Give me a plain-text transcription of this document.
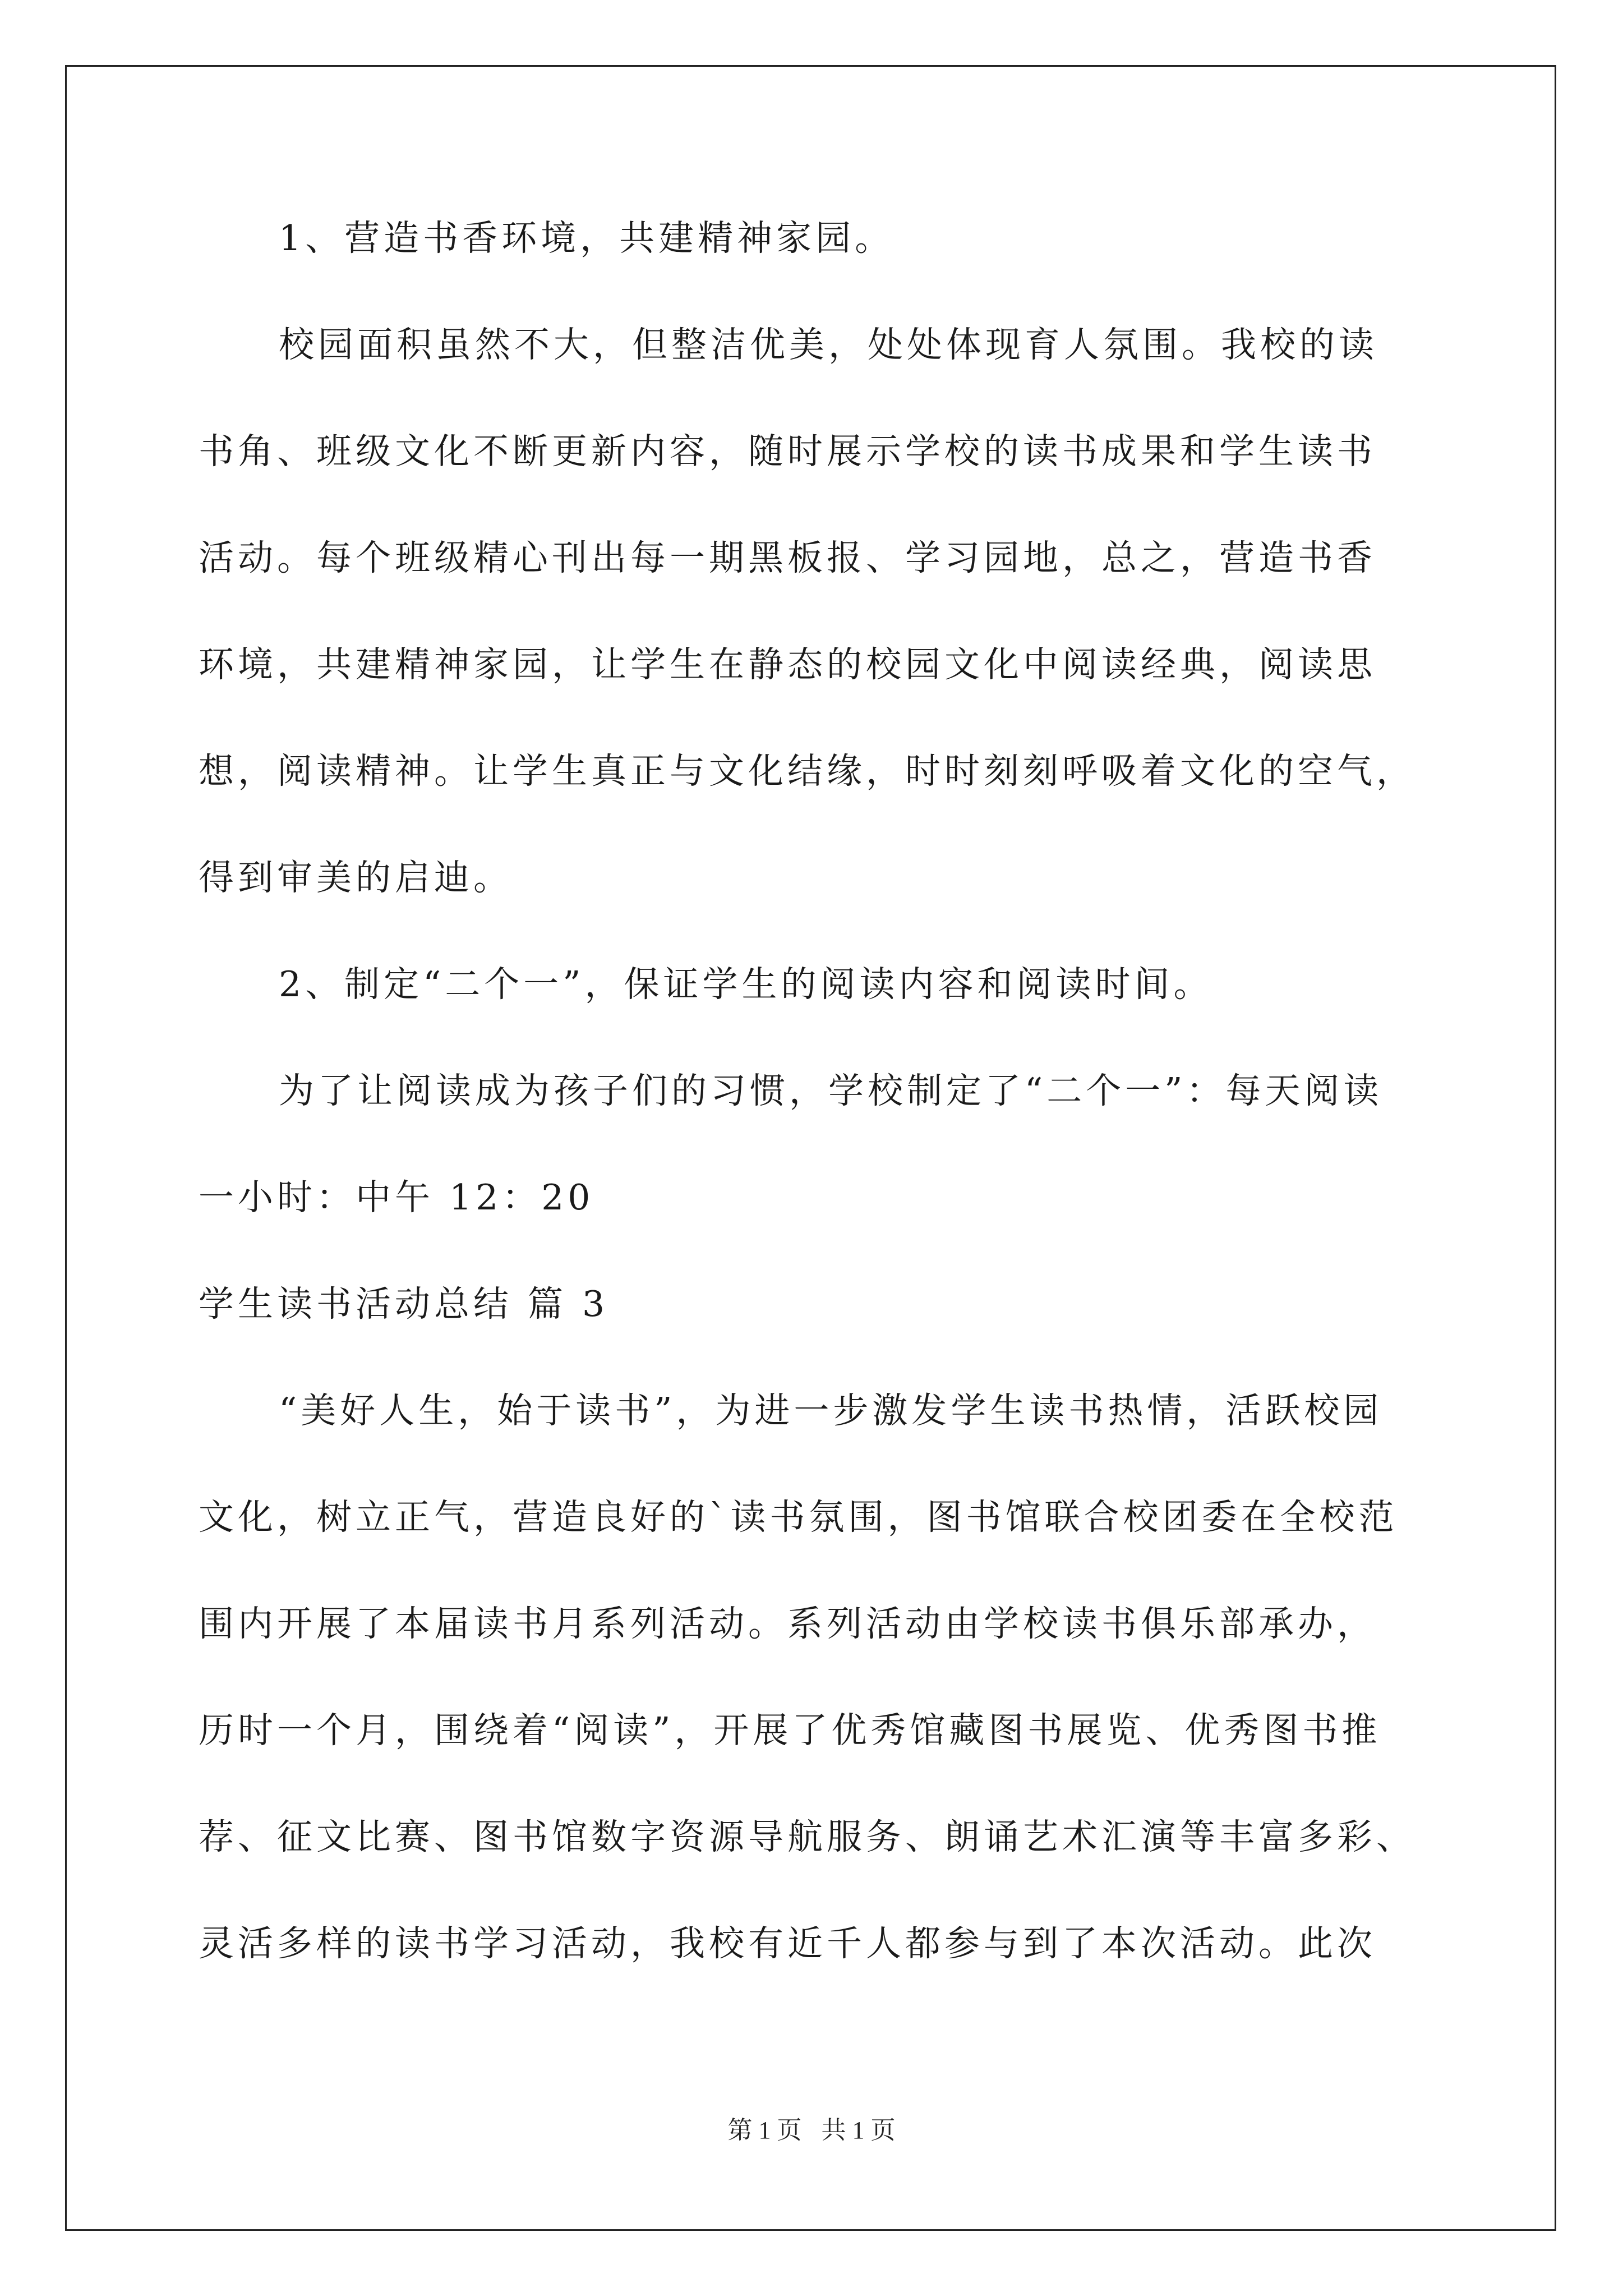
1、营造书香环境，共建精神家园。
校园面积虽然不大，但整洁优美，处处体现育人氛围。我校的读
书角、班级文化不断更新内容，随时展示学校的读书成果和学生读书
活动。每个班级精心刊出每一期黑板报、学习园地，总之，营造书香
环境，共建精神家园，让学生在静态的校园文化中阅读经典，阅读思
想，阅读精神。让学生真正与文化结缘，时时刻刻呼吸着文化的空气，
得到审美的启迪。
2、制定“二个一”，保证学生的阅读内容和阅读时间。
为了让阅读成为孩子们的习惯，学校制定了“二个一”：每天阅读
一小时：中午 12：20
学生读书活动总结 篇 3
“美好人生，始于读书”，为进一步激发学生读书热情，活跃校园
文化，树立正气，营造良好的`读书氛围，图书馆联合校团委在全校范
围内开展了本届读书月系列活动。系列活动由学校读书俱乐部承办，
历时一个月，围绕着“阅读”，开展了优秀馆藏图书展览、优秀图书推
荐、征文比赛、图书馆数字资源导航服务、朗诵艺术汇演等丰富多彩、
灵活多样的读书学习活动，我校有近千人都参与到了本次活动。此次
第 1 页 共 1 页
